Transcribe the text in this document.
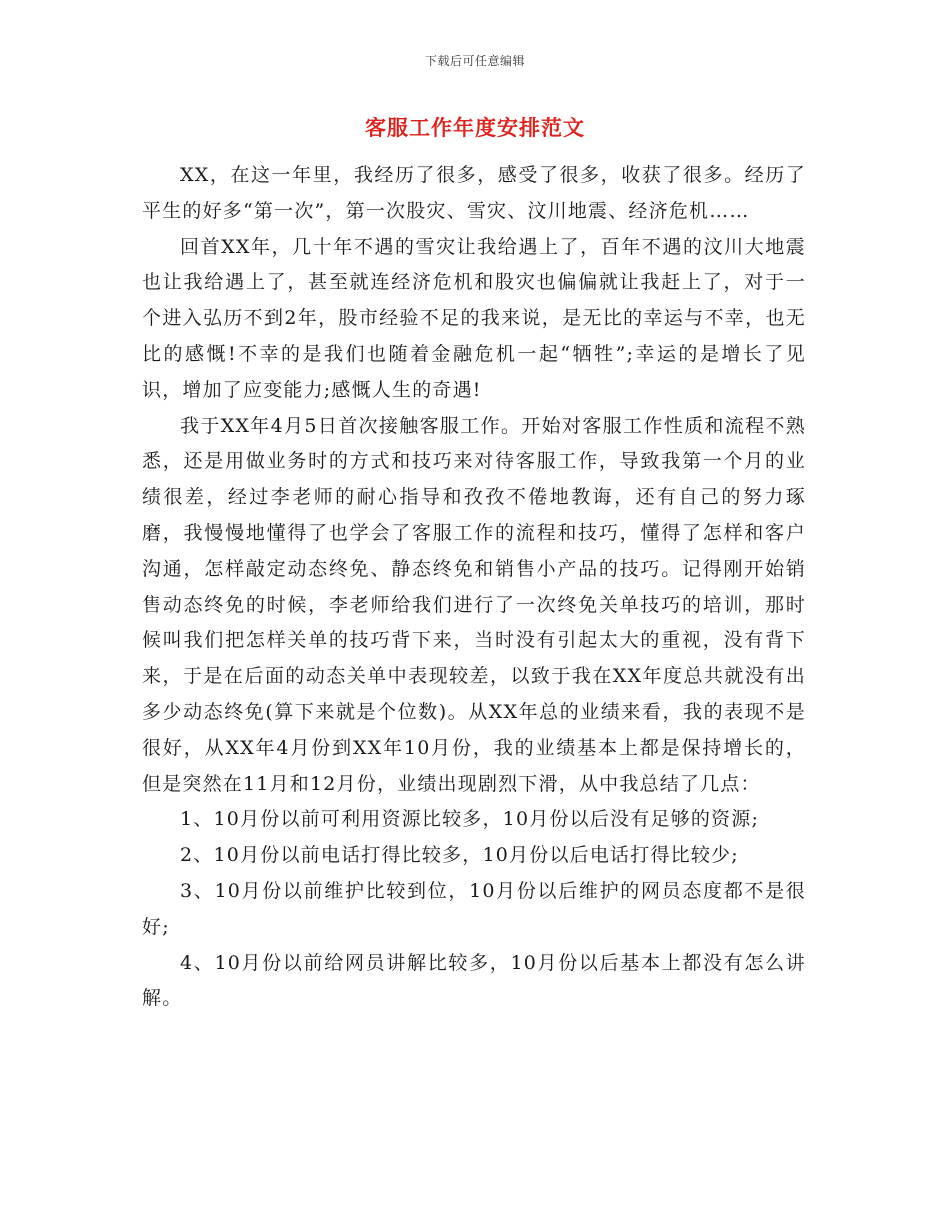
下载后可任意编辑
客服工作年度安排范文

XX，在这一年里，我经历了很多，感受了很多，收获了很多。经历了平生的好多“第一次”，第一次股灾、雪灾、汶川地震、经济危机……

回首XX年，几十年不遇的雪灾让我给遇上了，百年不遇的汶川大地震也让我给遇上了，甚至就连经济危机和股灾也偏偏就让我赶上了，对于一个进入弘历不到2年，股市经验不足的我来说，是无比的幸运与不幸，也无比的感慨!不幸的是我们也随着金融危机一起“牺牲”;幸运的是增长了见识，增加了应变能力;感慨人生的奇遇!

我于XX年4月5日首次接触客服工作。开始对客服工作性质和流程不熟悉，还是用做业务时的方式和技巧来对待客服工作，导致我第一个月的业绩很差，经过李老师的耐心指导和孜孜不倦地教诲，还有自己的努力琢磨，我慢慢地懂得了也学会了客服工作的流程和技巧，懂得了怎样和客户沟通，怎样敲定动态终免、静态终免和销售小产品的技巧。记得刚开始销售动态终免的时候，李老师给我们进行了一次终免关单技巧的培训，那时候叫我们把怎样关单的技巧背下来，当时没有引起太大的重视，没有背下来，于是在后面的动态关单中表现较差，以致于我在XX年度总共就没有出多少动态终免(算下来就是个位数)。从XX年总的业绩来看，我的表现不是很好，从XX年4月份到XX年10月份，我的业绩基本上都是保持增长的，但是突然在11月和12月份，业绩出现剧烈下滑，从中我总结了几点：

1、10月份以前可利用资源比较多，10月份以后没有足够的资源;

2、10月份以前电话打得比较多，10月份以后电话打得比较少;

3、10月份以前维护比较到位，10月份以后维护的网员态度都不是很好;

4、10月份以前给网员讲解比较多，10月份以后基本上都没有怎么讲解。
